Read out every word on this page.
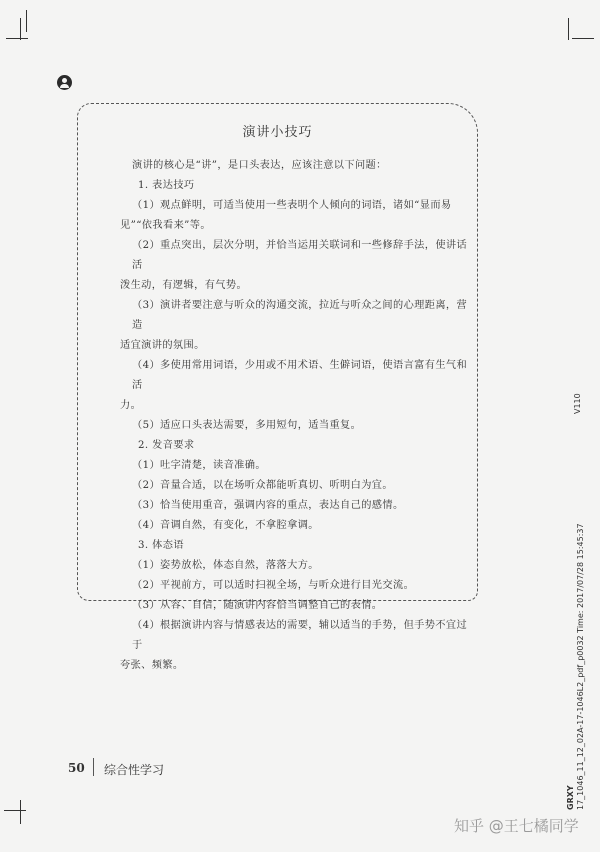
演讲小技巧
演讲的核心是“讲”，是口头表达，应该注意以下问题：
1. 表达技巧
（1）观点鲜明，可适当使用一些表明个人倾向的词语，诸如“显而易
见”“依我看来”等。
（2）重点突出，层次分明，并恰当运用关联词和一些修辞手法，使讲话活
泼生动，有逻辑，有气势。
（3）演讲者要注意与听众的沟通交流，拉近与听众之间的心理距离，营造
适宜演讲的氛围。
（4）多使用常用词语，少用或不用术语、生僻词语，使语言富有生气和活
力。
（5）适应口头表达需要，多用短句，适当重复。
2. 发音要求
（1）吐字清楚，读音准确。
（2）音量合适，以在场听众都能听真切、听明白为宜。
（3）恰当使用重音，强调内容的重点，表达自己的感情。
（4）音调自然，有变化，不拿腔拿调。
3. 体态语
（1）姿势放松，体态自然，落落大方。
（2）平视前方，可以适时扫视全场，与听众进行目光交流。
（3）从容、自信，随演讲内容恰当调整自己的表情。
（4）根据演讲内容与情感表达的需要，辅以适当的手势，但手势不宜过于
夸张、频繁。
50 综合性学习
V110
17_1046_11_12_02A-17-1046L2_pdf_p0032 Time: 2017/07/28 15:45:37
GRXY
知乎 @王七橘同学
